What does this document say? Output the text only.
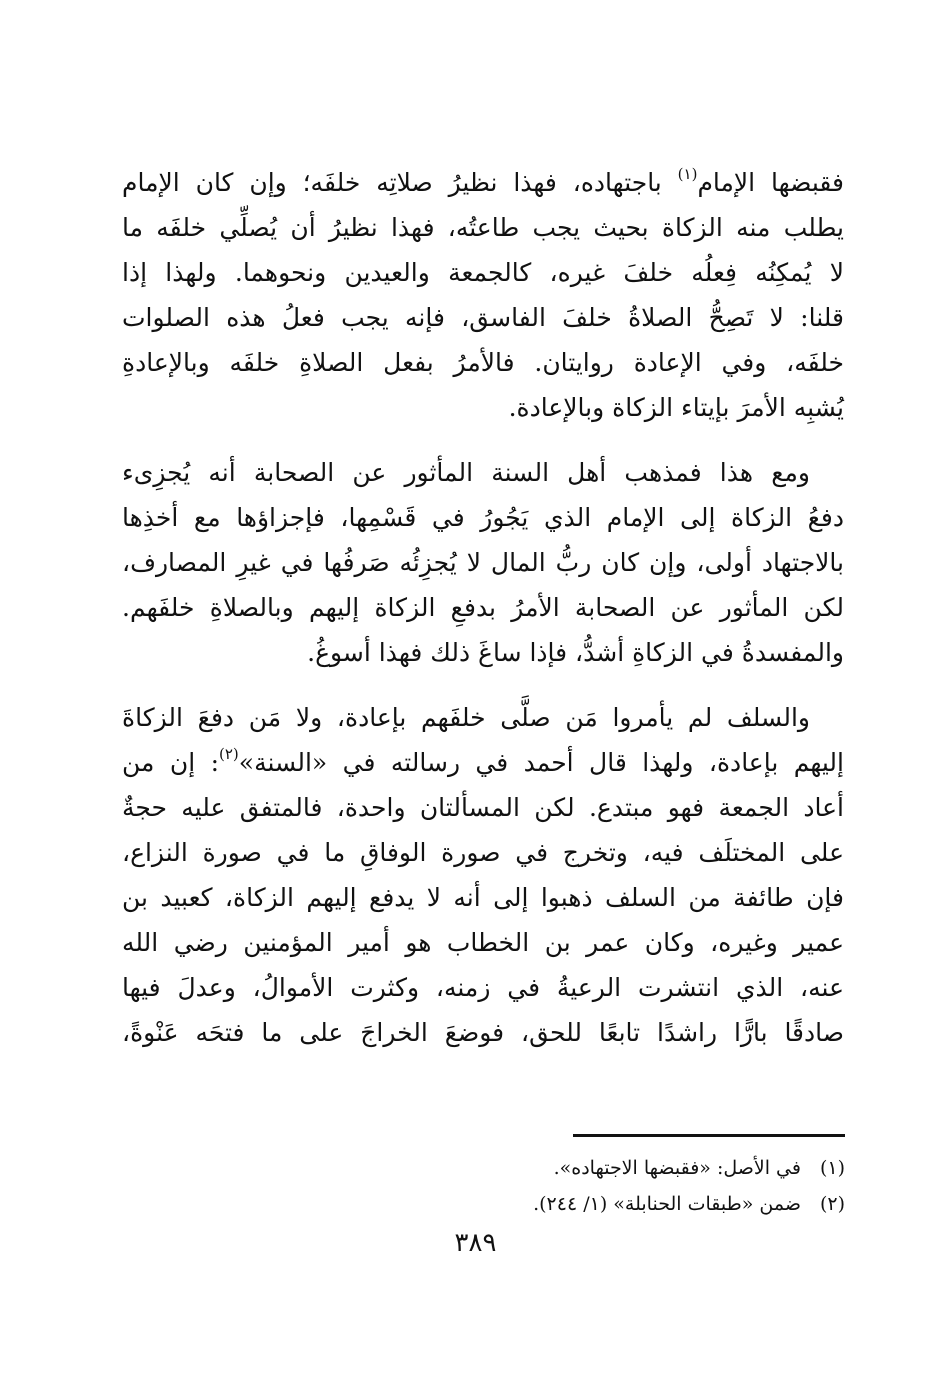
فقبضها الإمام$^{(١)}$ باجتهاده، فهذا نظيرُ صلاتِه خلفَه؛ وإن كان الإمام
يطلب منه الزكاة بحيث يجب طاعتُه، فهذا نظيرُ أن يُصلِّي خلفَه ما
لا يُمكِنُه فِعلُه خلفَ غيره، كالجمعة والعيدين ونحوهما. ولهذا إذا
قلنا: لا تَصِحُّ الصلاةُ خلفَ الفاسق، فإنه يجب فعلُ هذه الصلوات
خلفَه، وفي الإعادة روايتان. فالأمرُ بفعل الصلاةِ خلفَه وبالإعادةِ
يُشبِه الأمرَ بإيتاء الزكاة وبالإعادة.
ومع هذا فمذهب أهل السنة المأثور عن الصحابة أنه يُجزِىء
دفعُ الزكاة إلى الإمام الذي يَجُورُ في قَسْمِها، فإجزاؤها مع أخذِها
بالاجتهاد أولى، وإن كان ربُّ المال لا يُجزِئُه صَرفُها في غيرِ المصارف،
لكن المأثور عن الصحابة الأمرُ بدفعِ الزكاة إليهم وبالصلاةِ خلفَهم.
والمفسدةُ في الزكاةِ أشدُّ، فإذا ساغَ ذلك فهذا أسوغُ.
والسلف لم يأمروا مَن صلَّى خلفَهم بإعادة، ولا مَن دفعَ الزكاةَ
إليهم بإعادة، ولهذا قال أحمد في رسالته في «السنة»$^{(٢)}$: إن من
أعاد الجمعة فهو مبتدع. لكن المسألتان واحدة، فالمتفق عليه حجةٌ
على المختلَف فيه، وتخرج في صورة الوفاقِ ما في صورة النزاع،
فإن طائفة من السلف ذهبوا إلى أنه لا يدفع إليهم الزكاة، كعبيد بن
عمير وغيره، وكان عمر بن الخطاب هو أمير المؤمنين رضي الله
عنه، الذي انتشرت الرعيةُ في زمنه، وكثرت الأموالُ، وعدلَ فيها
صادقًا بارًّا راشدًا تابعًا للحق، فوضعَ الخراجَ على ما فتحَه عَنْوةً،
(١) في الأصل: «فقبضها الاجتهاده».
(٢) ضمن «طبقات الحنابلة» (١/ ٢٤٤).
٣٨٩
